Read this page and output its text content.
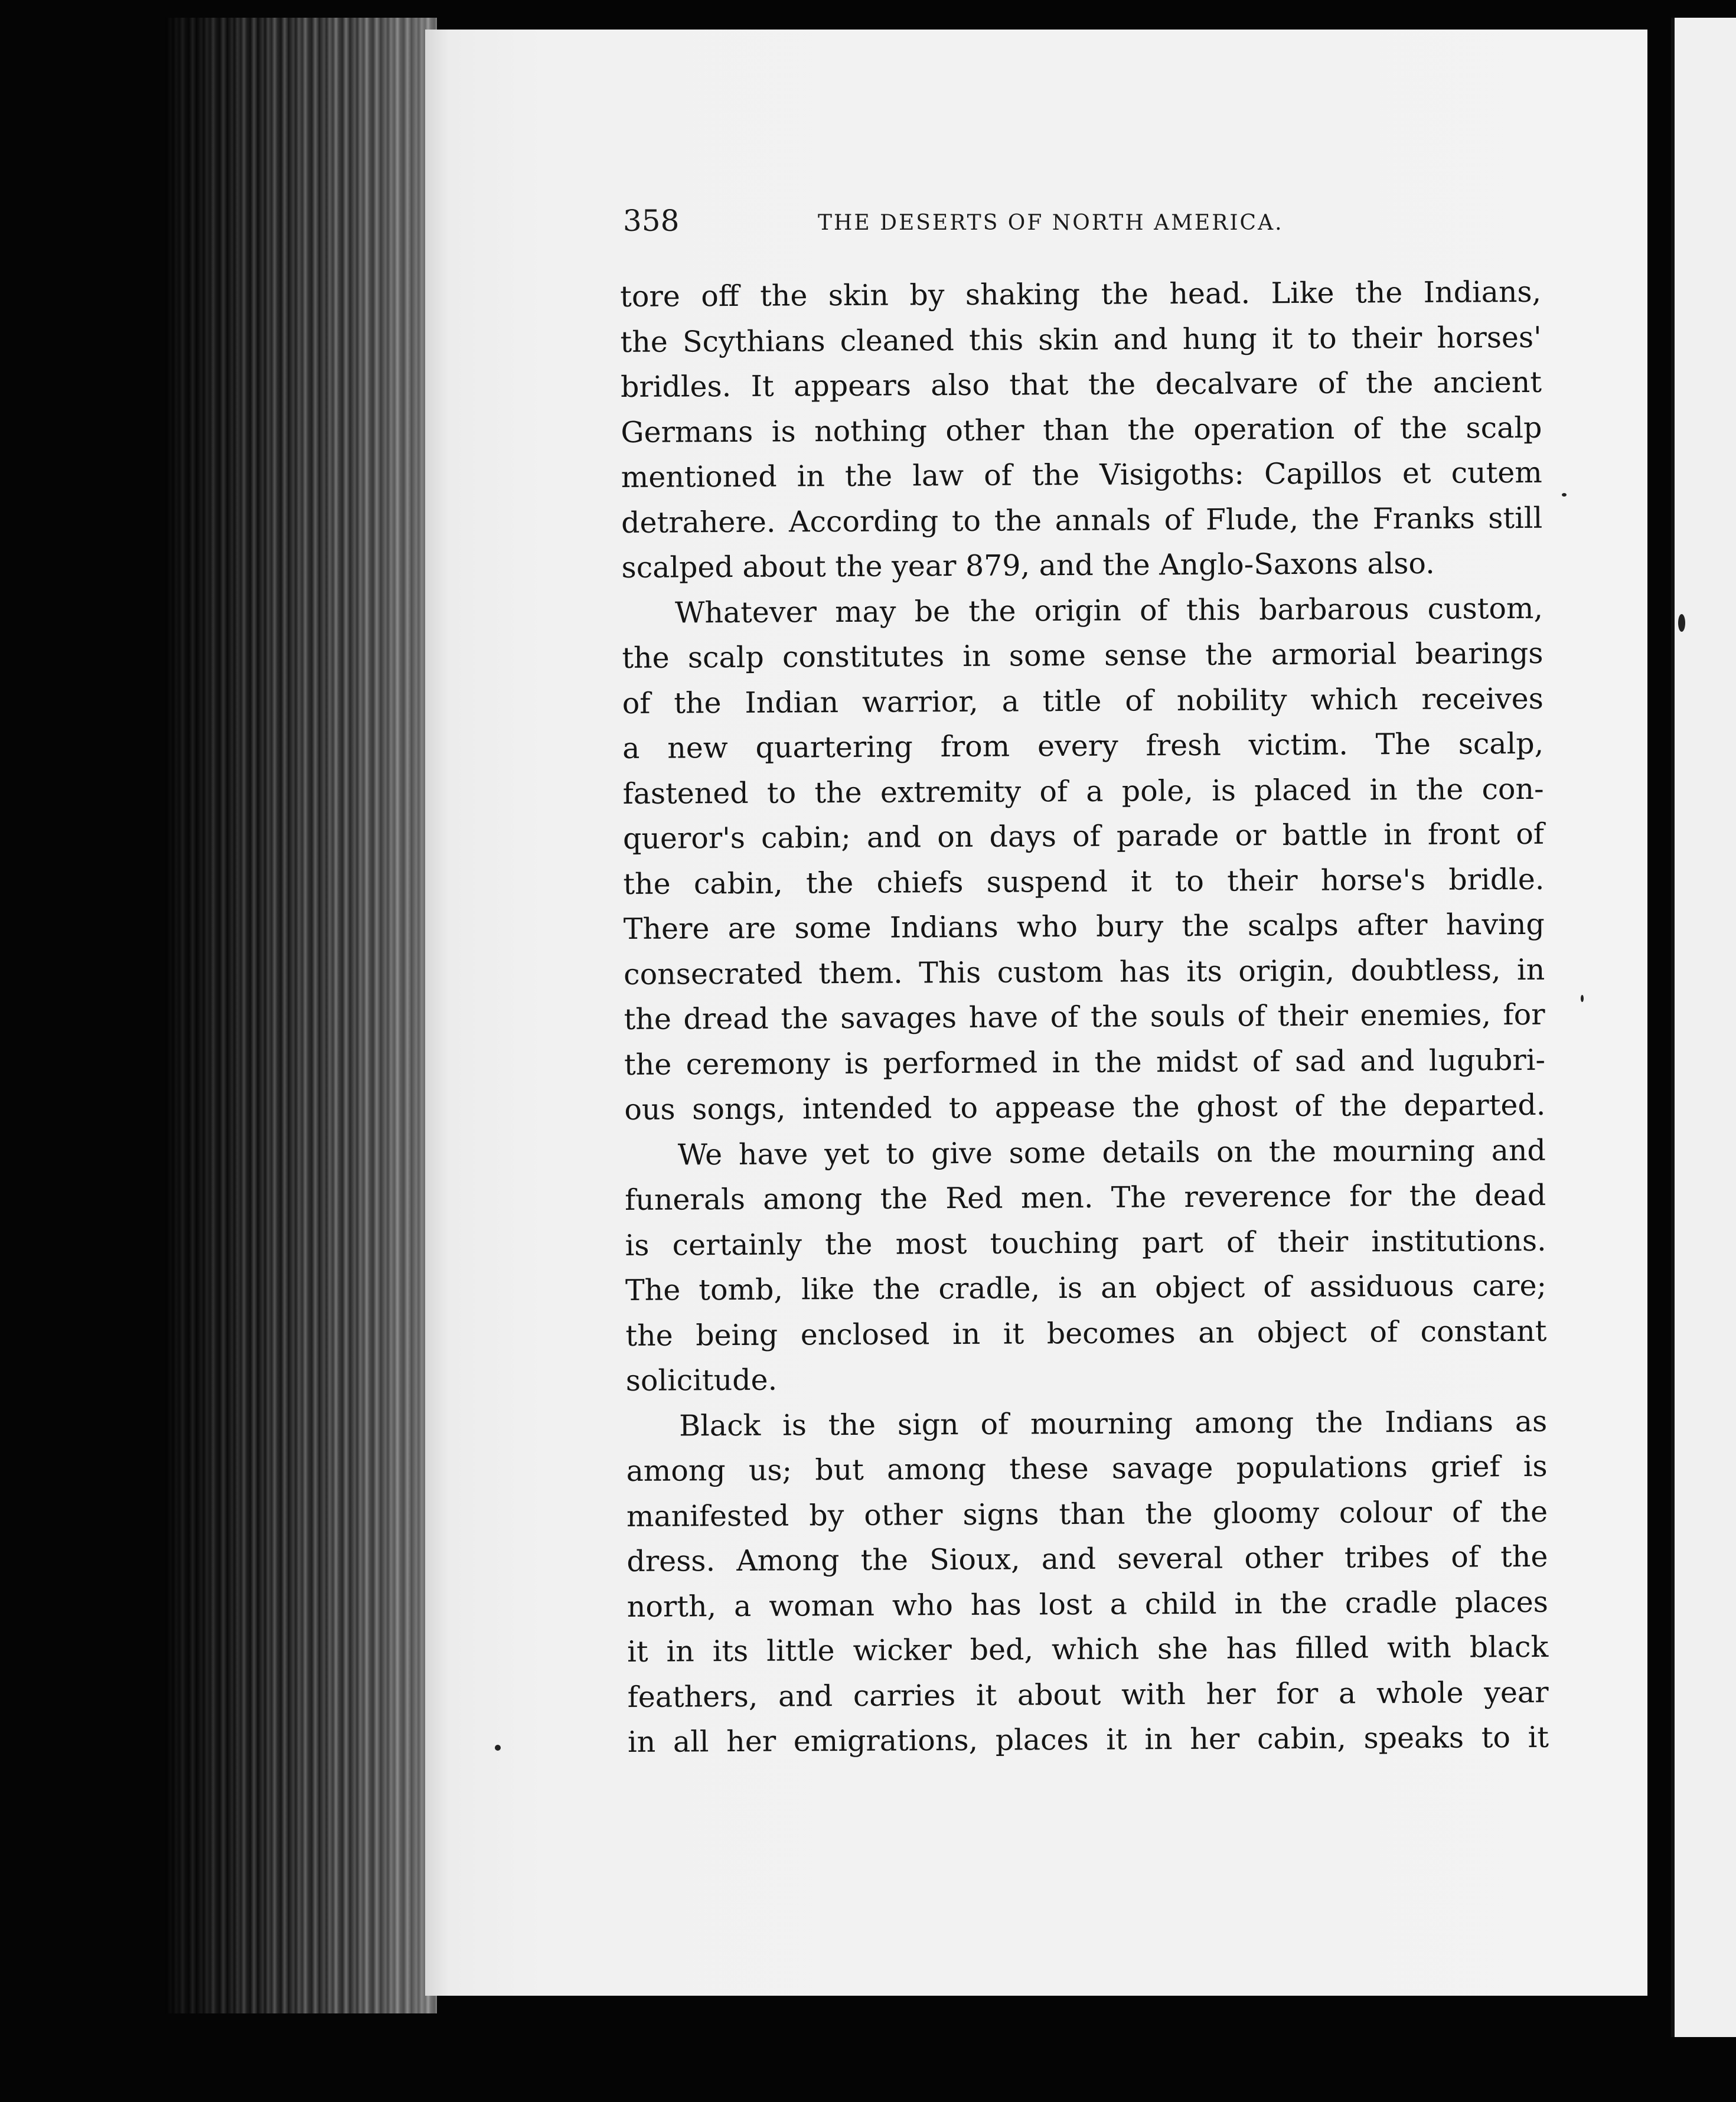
358	THE DESERTS OF NORTH AMERICA.
tore off the skin by shaking the head. Like the Indians,
the Scythians cleaned this skin and hung it to their horses'
bridles. It appears also that the decalvare of the ancient
Germans is nothing other than the operation of the scalp
mentioned in the law of the Visigoths: Capillos et cutem
detrahere. According to the annals of Flude, the Franks still
scalped about the year 879, and the Anglo-Saxons also.
Whatever may be the origin of this barbarous custom,
the scalp constitutes in some sense the armorial bearings
of the Indian warrior, a title of nobility which receives
a new quartering from every fresh victim. The scalp,
fastened to the extremity of a pole, is placed in the con-
queror's cabin; and on days of parade or battle in front of
the cabin, the chiefs suspend it to their horse's bridle.
There are some Indians who bury the scalps after having
consecrated them. This custom has its origin, doubtless, in
the dread the savages have of the souls of their enemies, for
the ceremony is performed in the midst of sad and lugubri-
ous songs, intended to appease the ghost of the departed.
We have yet to give some details on the mourning and
funerals among the Red men. The reverence for the dead
is certainly the most touching part of their institutions.
The tomb, like the cradle, is an object of assiduous care;
the being enclosed in it becomes an object of constant
solicitude.
Black is the sign of mourning among the Indians as
among us; but among these savage populations grief is
manifested by other signs than the gloomy colour of the
dress. Among the Sioux, and several other tribes of the
north, a woman who has lost a child in the cradle places
it in its little wicker bed, which she has filled with black
feathers, and carries it about with her for a whole year
in all her emigrations, places it in her cabin, speaks to it
